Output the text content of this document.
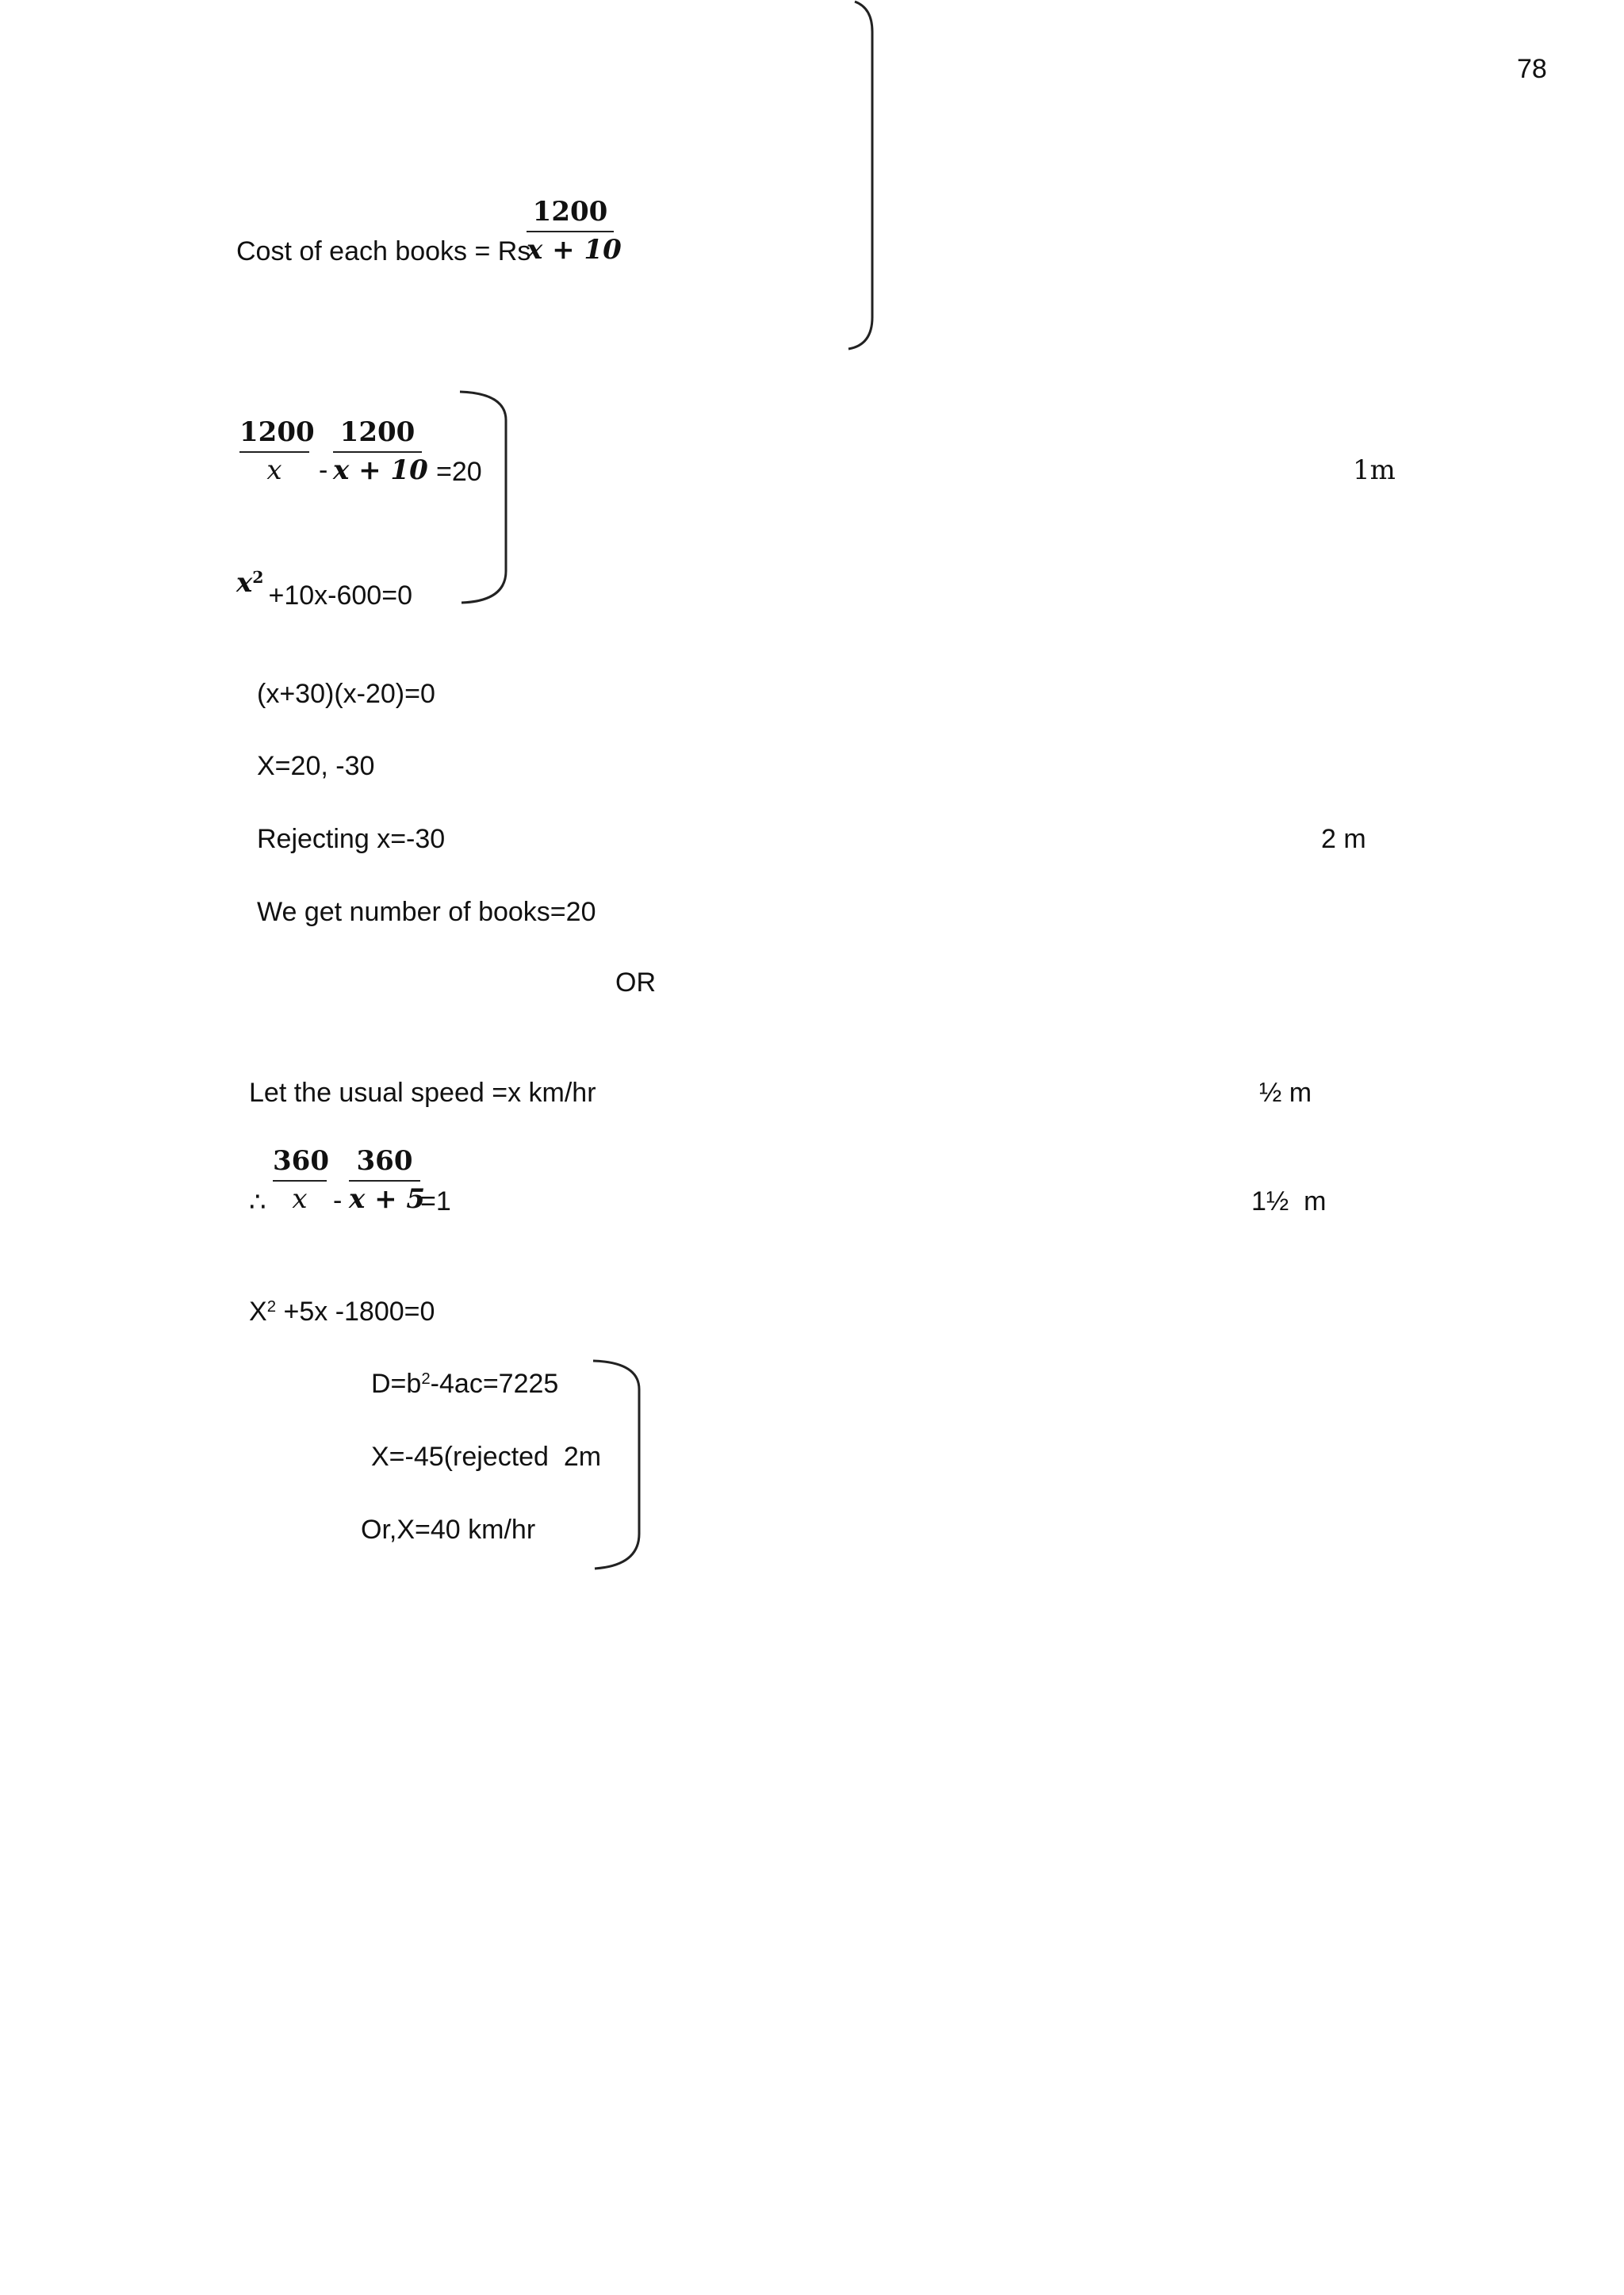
78
Cost of each books = Rs
1200
x + 10
1200
x	-
1200
x + 10 =20	1m
$x^2+10x-600=0$
(x+30)(x-20)=0
X=20, -30
Rejecting x=-30	2 m
We get number of books=20
OR
Let the usual speed =x km/hr	½ m
∴
360
x -
360
x + 5
=1	1½  m
$X^2 +5x$ -1800=0
$D=b^2-4ac=7225$
X=-45(rejected  2m
Or,X=40 km/hr
